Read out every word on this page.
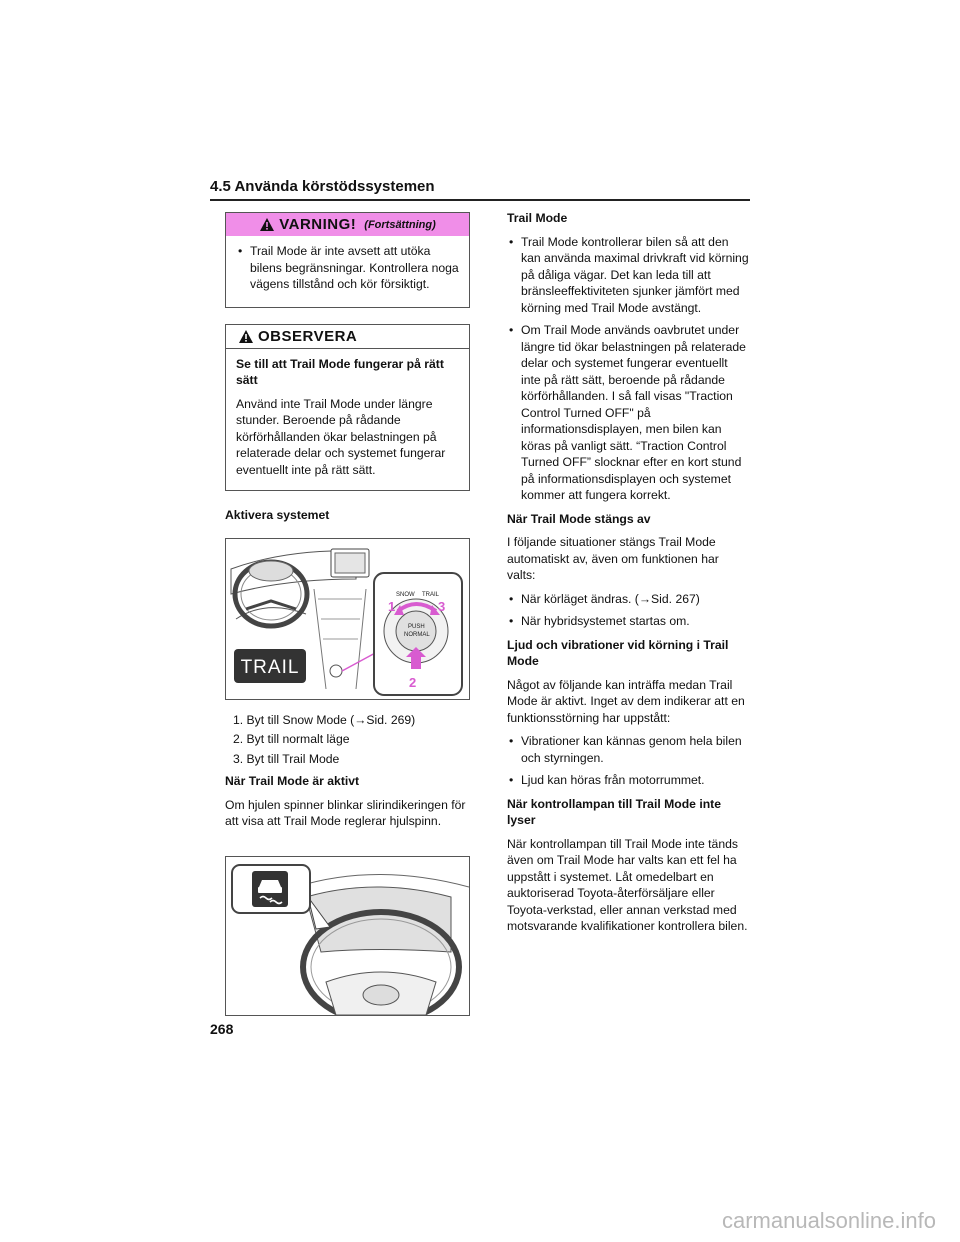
4.5 Använda körstödssystemen
VARNING! (Fortsättning)
• Trail Mode är inte avsett att utöka bilens begränsningar. Kontrollera noga vägens tillstånd och kör försiktigt.
OBSERVERA

Se till att Trail Mode fungerar på rätt sätt

Använd inte Trail Mode under längre stunder. Beroende på rådande körförhållanden ökar belastningen på relaterade delar och systemet fungerar eventuellt inte på rätt sätt.

Aktivera systemet

SNOW TRAIL
PUSH
NORMAL
1	3
2
TRAIL
1. Byt till Snow Mode (→Sid. 269)
2. Byt till normalt läge
3. Byt till Trail Mode

När Trail Mode är aktivt

Om hjulen spinner blinkar slirindikeringen för att visa att Trail Mode reglerar hjulspinn.

Trail Mode

• Trail Mode kontrollerar bilen så att den kan använda maximal drivkraft vid körning på dåliga vägar. Det kan leda till att bränsleeffektiviteten sjunker jämfört med körning med Trail Mode avstängt.
• Om Trail Mode används oavbrutet under längre tid ökar belastningen på relaterade delar och systemet fungerar eventuellt inte på rätt sätt, beroende på rådande körförhållanden. I så fall visas "Traction Control Turned OFF" på informationsdisplayen, men bilen kan köras på vanligt sätt. “Traction Control Turned OFF” slocknar efter en kort stund på informationsdisplayen och systemet kommer att fungera korrekt.

När Trail Mode stängs av

I följande situationer stängs Trail Mode automatiskt av, även om funktionen har valts:

• När körläget ändras. (→Sid. 267)
• När hybridsystemet startas om.

Ljud och vibrationer vid körning i Trail Mode

Något av följande kan inträffa medan Trail Mode är aktivt. Inget av dem indikerar att en funktionsstörning har uppstått:

• Vibrationer kan kännas genom hela bilen och styrningen.
• Ljud kan höras från motorrummet.

När kontrollampan till Trail Mode inte lyser

När kontrollampan till Trail Mode inte tänds även om Trail Mode har valts kan ett fel ha uppstått i systemet. Låt omedelbart en auktoriserad Toyota-återförsäljare eller Toyota-verkstad, eller annan verkstad med motsvarande kvalifikationer kontrollera bilen.

268
carmanualsonline.info
